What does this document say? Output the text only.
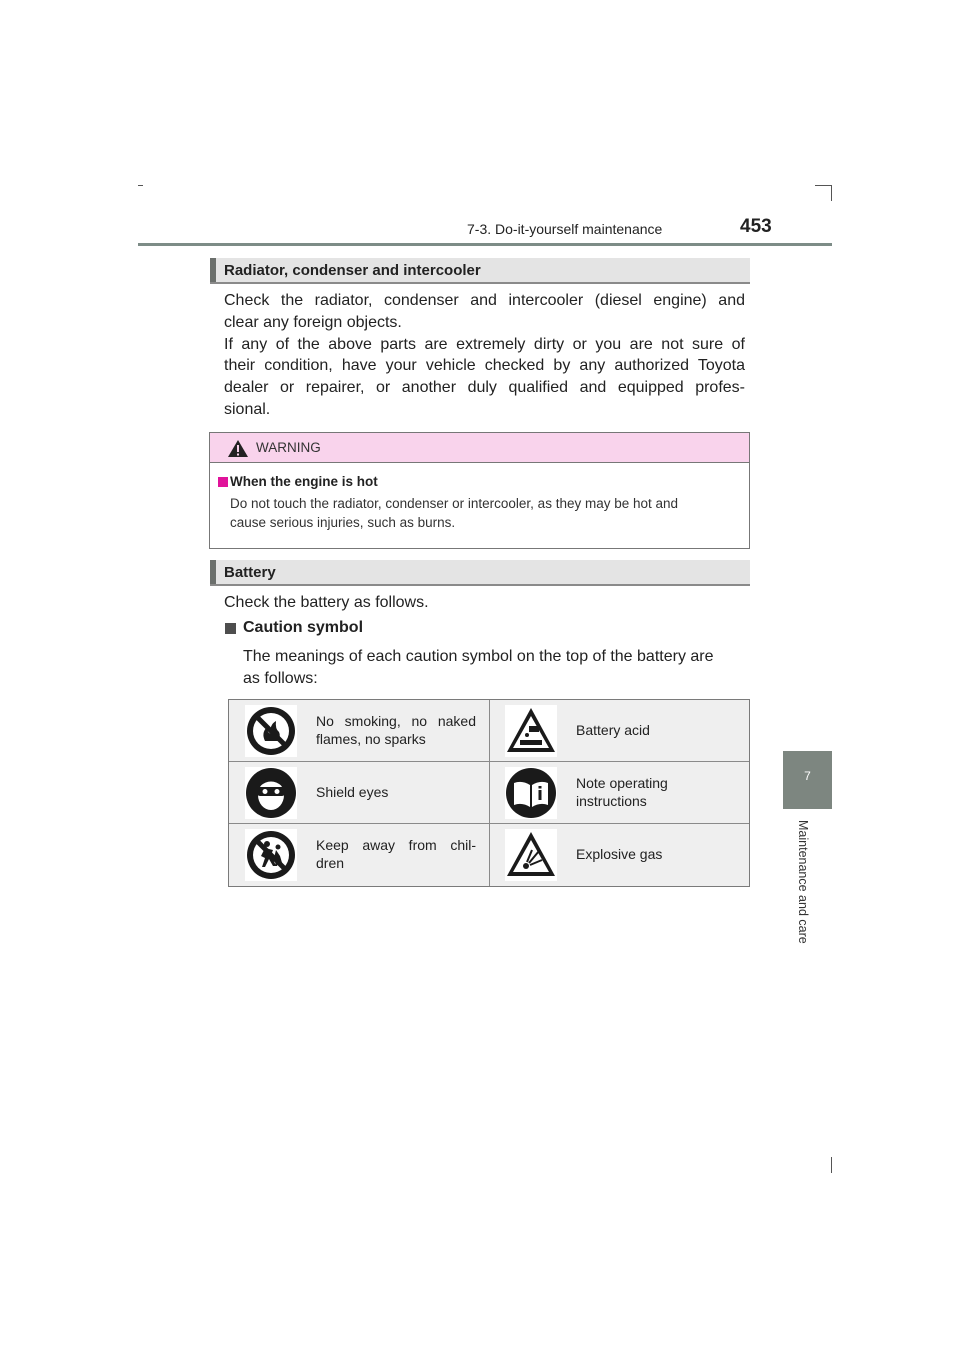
7-3. Do-it-yourself maintenance	453
7
Maintenance and care
Radiator, condenser and intercooler
Check the radiator, condenser and intercooler (diesel engine) and
clear any foreign objects.
If any of the above parts are extremely dirty or you are not sure of
their condition, have your vehicle checked by any authorized Toyota
dealer or repairer, or another duly qualified and equipped profes-
sional.
WARNING
When the engine is hot
Do not touch the radiator, condenser or intercooler, as they may be hot and
cause serious injuries, such as burns.
Battery
Check the battery as follows.
Caution symbol
The meanings of each caution symbol on the top of the battery are
as follows:
No smoking, no naked
flames, no sparks
Battery acid
Shield eyes
Note operating
instructions
Keep away from chil-
dren
Explosive gas
